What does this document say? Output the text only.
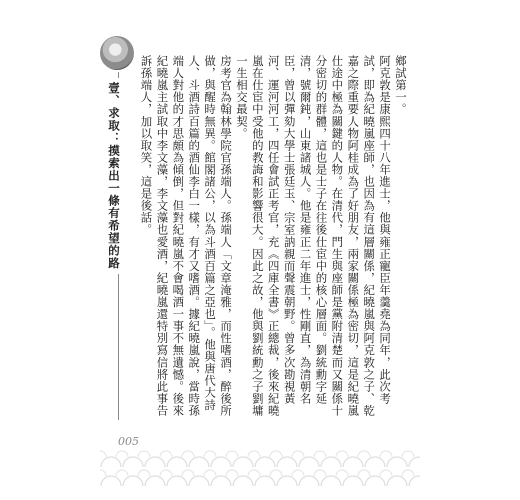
壹、求取：摸索出一條有希望的路	鄉試第一。

阿克敦是康熙四十八年進士，他與雍正寵臣年羹堯為同年，此次考試，即為紀曉嵐座師，也因為有這層關係，紀曉嵐與阿克敦之子、乾嘉之際重要人物阿桂成為了好朋友，兩家關係極為密切，這是紀曉嵐仕途中極為關鍵的人物。在清代，門生與座師是黨附清楚而又關係十分密切的群體，這也是士子在往後仕宦中的核心層面。劉統勳字延清，號爾鈍，山東諸城人。他是雍正二年進士，性剛直，為清朝名臣，曾以彈劾大學士張廷玉、宗室訥親而聲震朝野。曾多次勘視黃河、運河河工，四任會試正考官，充《四庫全書》正總裁，後來紀曉嵐在仕宦中受他的教誨和影響很大。因此之故，他與劉統勳之子劉墉一生相交最契。

房考官為翰林學院官孫端人。孫端人「文章淹雅，而性嗜酒，醉後所做，與醒時無異。館閣諸公，以為斗酒百篇之亞也」。他與唐代大詩人、斗酒詩百篇的酒仙李白一樣，有才又嗜酒。據紀曉嵐說，當時孫端人對他的才思頗為傾倒，但對紀曉嵐不會喝酒一事不無遺憾。後來紀曉嵐主試取中李文藻，李文藻也愛酒，紀曉嵐還特別寫信將此事告訴孫端人，加以取笑，這是後話。

005
